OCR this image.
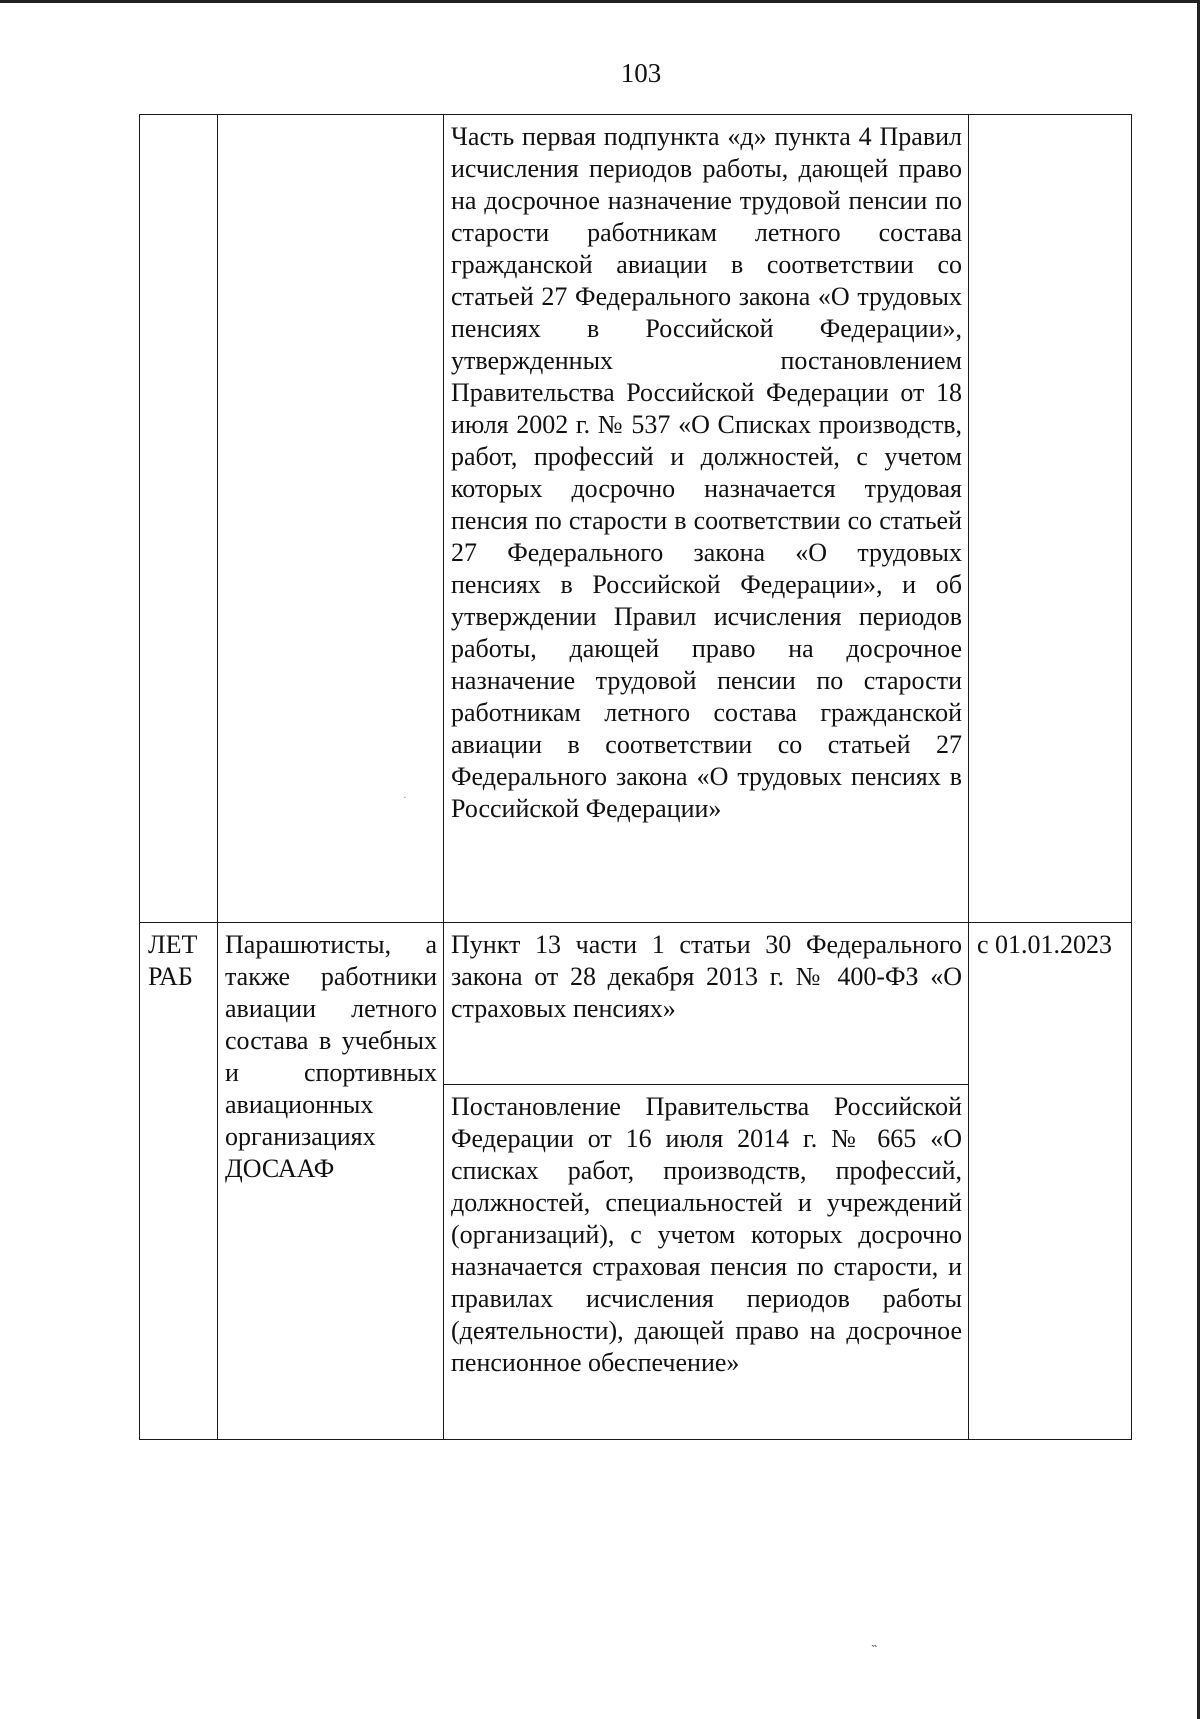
103

		Часть первая подпункта «д» пункта 4 Правил исчисления периодов работы, дающей право на досрочное назначение трудовой пенсии по старости работникам летного состава гражданской авиации в соответствии со статьей 27 Федерального закона «О трудовых пенсиях в Российской Федерации», утвержденных постановлением Правительства Российской Федерации от 18 июля 2002 г. № 537 «О Списках производств, работ, профессий и должностей, с учетом которых досрочно назначается трудовая пенсия по старости в соответствии со статьей 27 Федерального закона «О трудовых пенсиях в Российской Федерации», и об утверждении Правил исчисления периодов работы, дающей право на досрочное назначение трудовой пенсии по старости работникам летного состава гражданской авиации в соответствии со статьей 27 Федерального закона «О трудовых пенсиях в Российской Федерации»	

ЛЕТ РАБ	Парашютисты, а также работники авиации летного состава в учебных и спортивных авиационных организациях ДОСААФ	Пункт 13 части 1 статьи 30 Федерального закона от 28 декабря 2013 г. № 400-ФЗ «О страховых пенсиях»	с 01.01.2023

		Постановление Правительства Российской Федерации от 16 июля 2014 г. № 665 «О списках работ, производств, профессий, должностей, специальностей и учреждений (организаций), с учетом которых досрочно назначается страховая пенсия по старости, и правилах исчисления периодов работы (деятельности), дающей право на досрочное пенсионное обеспечение»	
·
˵
